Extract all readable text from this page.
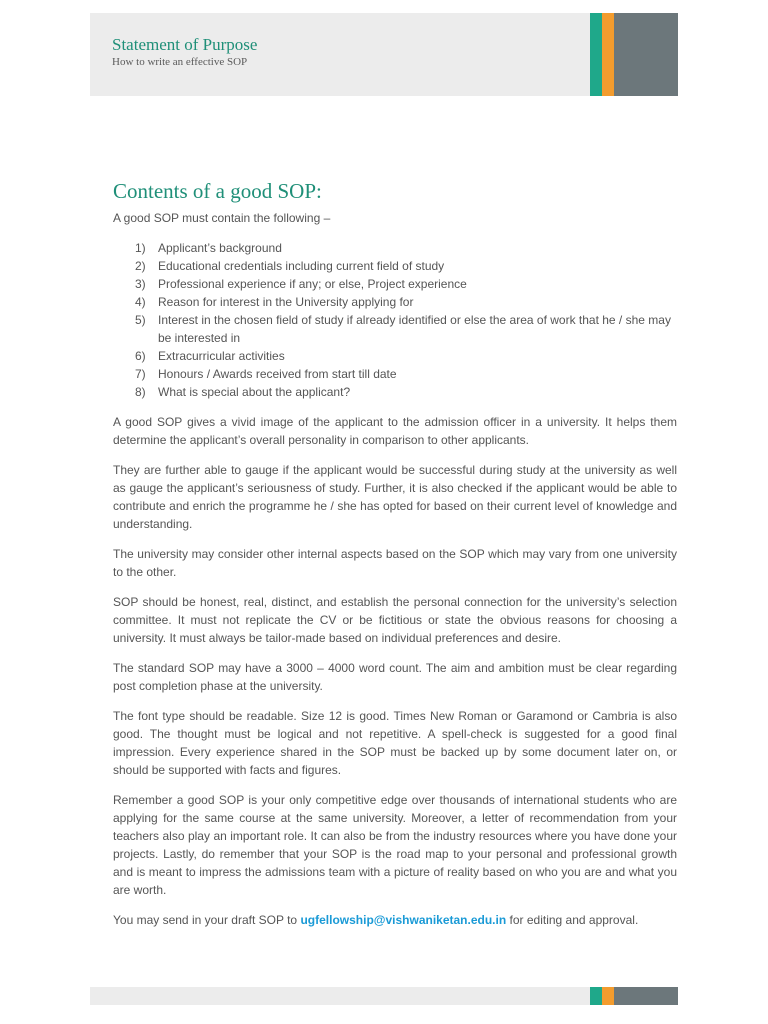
Statement of Purpose
How to write an effective SOP
Contents of a good SOP:
A good SOP must contain the following –
1) Applicant’s background
2) Educational credentials including current field of study
3) Professional experience if any; or else, Project experience
4) Reason for interest in the University applying for
5) Interest in the chosen field of study if already identified or else the area of work that he / she may be interested in
6) Extracurricular activities
7) Honours / Awards received from start till date
8) What is special about the applicant?

A good SOP gives a vivid image of the applicant to the admission officer in a university. It helps them determine the applicant’s overall personality in comparison to other applicants.

They are further able to gauge if the applicant would be successful during study at the university as well as gauge the applicant’s seriousness of study. Further, it is also checked if the applicant would be able to contribute and enrich the programme he / she has opted for based on their current level of knowledge and understanding.

The university may consider other internal aspects based on the SOP which may vary from one university to the other.

SOP should be honest, real, distinct, and establish the personal connection for the university’s selection committee. It must not replicate the CV or be fictitious or state the obvious reasons for choosing a university. It must always be tailor-made based on individual preferences and desire.

The standard SOP may have a 3000 – 4000 word count. The aim and ambition must be clear regarding post completion phase at the university.

The font type should be readable. Size 12 is good. Times New Roman or Garamond or Cambria is also good. The thought must be logical and not repetitive. A spell-check is suggested for a good final impression. Every experience shared in the SOP must be backed up by some document later on, or should be supported with facts and figures.

Remember a good SOP is your only competitive edge over thousands of international students who are applying for the same course at the same university. Moreover, a letter of recommendation from your teachers also play an important role. It can also be from the industry resources where you have done your projects. Lastly, do remember that your SOP is the road map to your personal and professional growth and is meant to impress the admissions team with a picture of reality based on who you are and what you are worth.

You may send in your draft SOP to ugfellowship@vishwaniketan.edu.in for editing and approval.
